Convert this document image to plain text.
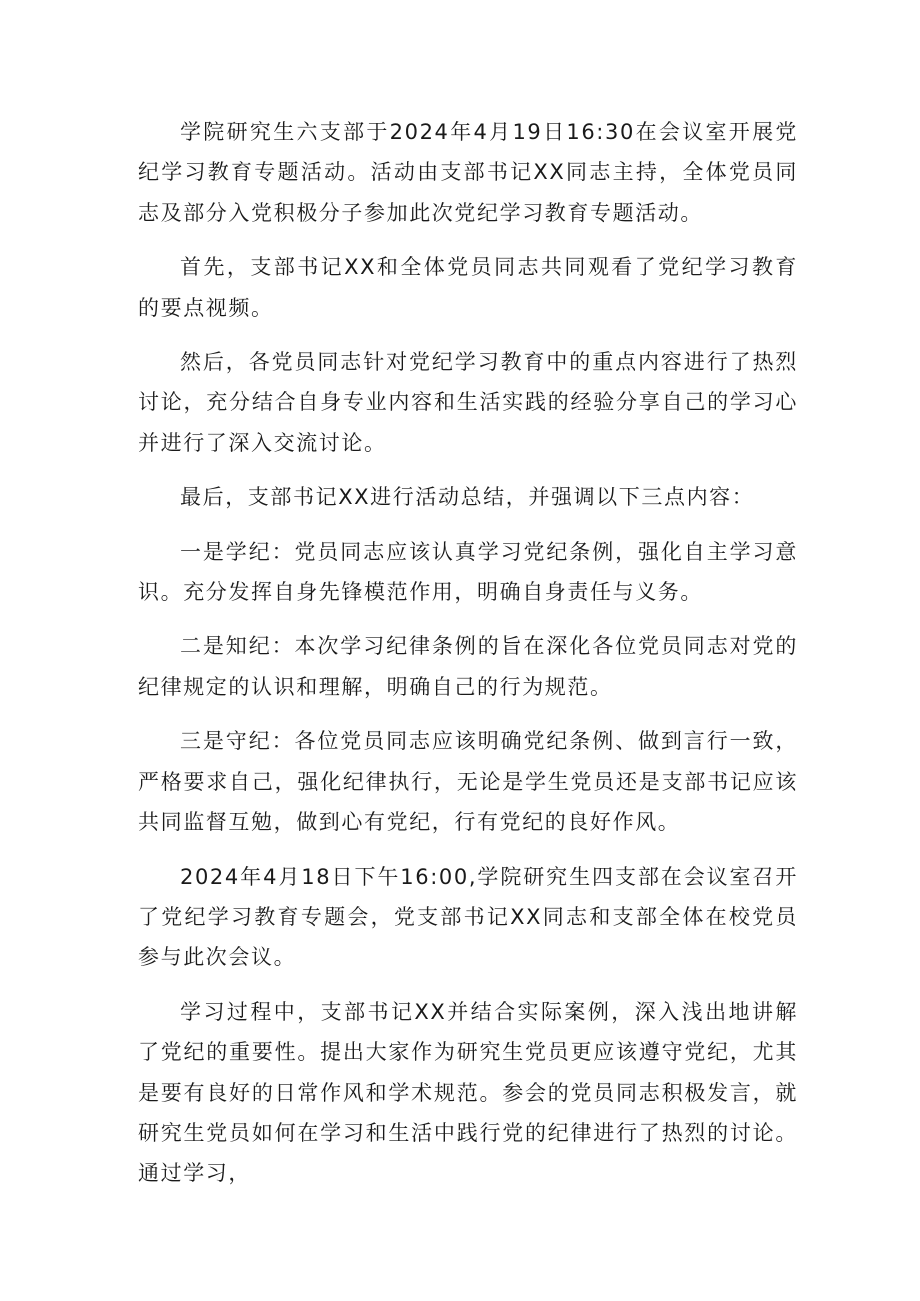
学院研究生六支部于2024年4月19日16:30在会议室开展党纪学习教育专题活动。活动由支部书记XX同志主持，全体党员同志及部分入党积极分子参加此次党纪学习教育专题活动。

首先，支部书记XX和全体党员同志共同观看了党纪学习教育的要点视频。

然后，各党员同志针对党纪学习教育中的重点内容进行了热烈讨论，充分结合自身专业内容和生活实践的经验分享自己的学习心并进行了深入交流讨论。

最后，支部书记XX进行活动总结，并强调以下三点内容：

一是学纪：党员同志应该认真学习党纪条例，强化自主学习意识。充分发挥自身先锋模范作用，明确自身责任与义务。

二是知纪：本次学习纪律条例的旨在深化各位党员同志对党的纪律规定的认识和理解，明确自己的行为规范。

三是守纪：各位党员同志应该明确党纪条例、做到言行一致，严格要求自己，强化纪律执行，无论是学生党员还是支部书记应该共同监督互勉，做到心有党纪，行有党纪的良好作风。

2024年4月18日下午16:00,学院研究生四支部在会议室召开了党纪学习教育专题会，党支部书记XX同志和支部全体在校党员参与此次会议。

学习过程中，支部书记XX并结合实际案例，深入浅出地讲解了党纪的重要性。提出大家作为研究生党员更应该遵守党纪，尤其是要有良好的日常作风和学术规范。参会的党员同志积极发言，就研究生党员如何在学习和生活中践行党的纪律进行了热烈的讨论。通过学习，
